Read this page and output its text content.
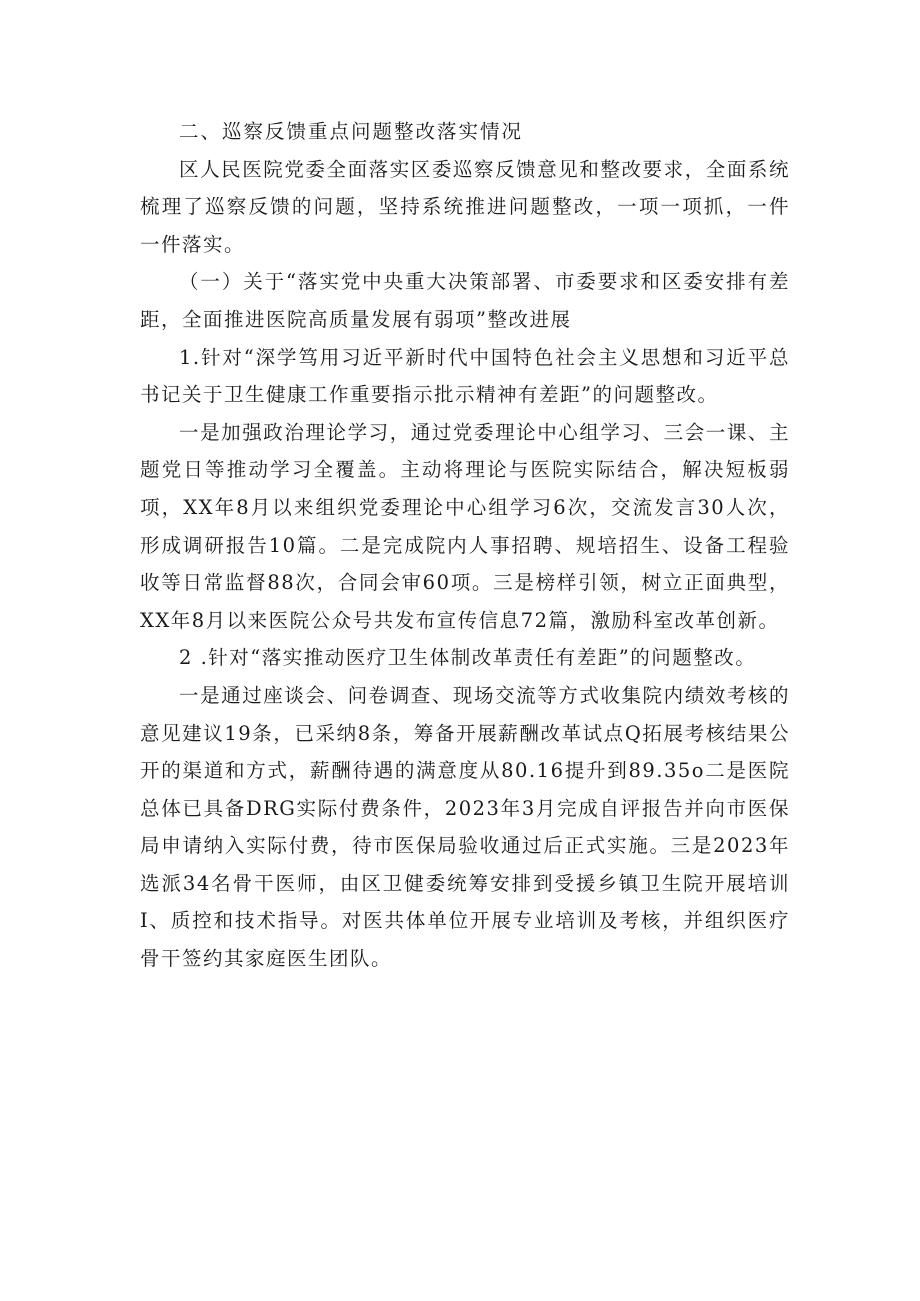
二、巡察反馈重点问题整改落实情况

区人民医院党委全面落实区委巡察反馈意见和整改要求，全面系统梳理了巡察反馈的问题，坚持系统推进问题整改，一项一项抓，一件一件落实。

（一）关于“落实党中央重大决策部署、市委要求和区委安排有差距，全面推进医院高质量发展有弱项”整改进展

1.针对“深学笃用习近平新时代中国特色社会主义思想和习近平总书记关于卫生健康工作重要指示批示精神有差距”的问题整改。

一是加强政治理论学习，通过党委理论中心组学习、三会一课、主题党日等推动学习全覆盖。主动将理论与医院实际结合，解决短板弱项，XX年8月以来组织党委理论中心组学习6次，交流发言30人次，形成调研报告10篇。二是完成院内人事招聘、规培招生、设备工程验收等日常监督88次，合同会审60项。三是榜样引领，树立正面典型，XX年8月以来医院公众号共发布宣传信息72篇，激励科室改革创新。

2 .针对“落实推动医疗卫生体制改革责任有差距”的问题整改。

一是通过座谈会、问卷调查、现场交流等方式收集院内绩效考核的意见建议19条，已采纳8条，筹备开展薪酬改革试点Q拓展考核结果公开的渠道和方式，薪酬待遇的满意度从80.16提升到89.35o二是医院总体已具备DRG实际付费条件，2023年3月完成自评报告并向市医保局申请纳入实际付费，待市医保局验收通过后正式实施。三是2023年选派34名骨干医师，由区卫健委统筹安排到受援乡镇卫生院开展培训I、质控和技术指导。对医共体单位开展专业培训及考核，并组织医疗骨干签约其家庭医生团队。
